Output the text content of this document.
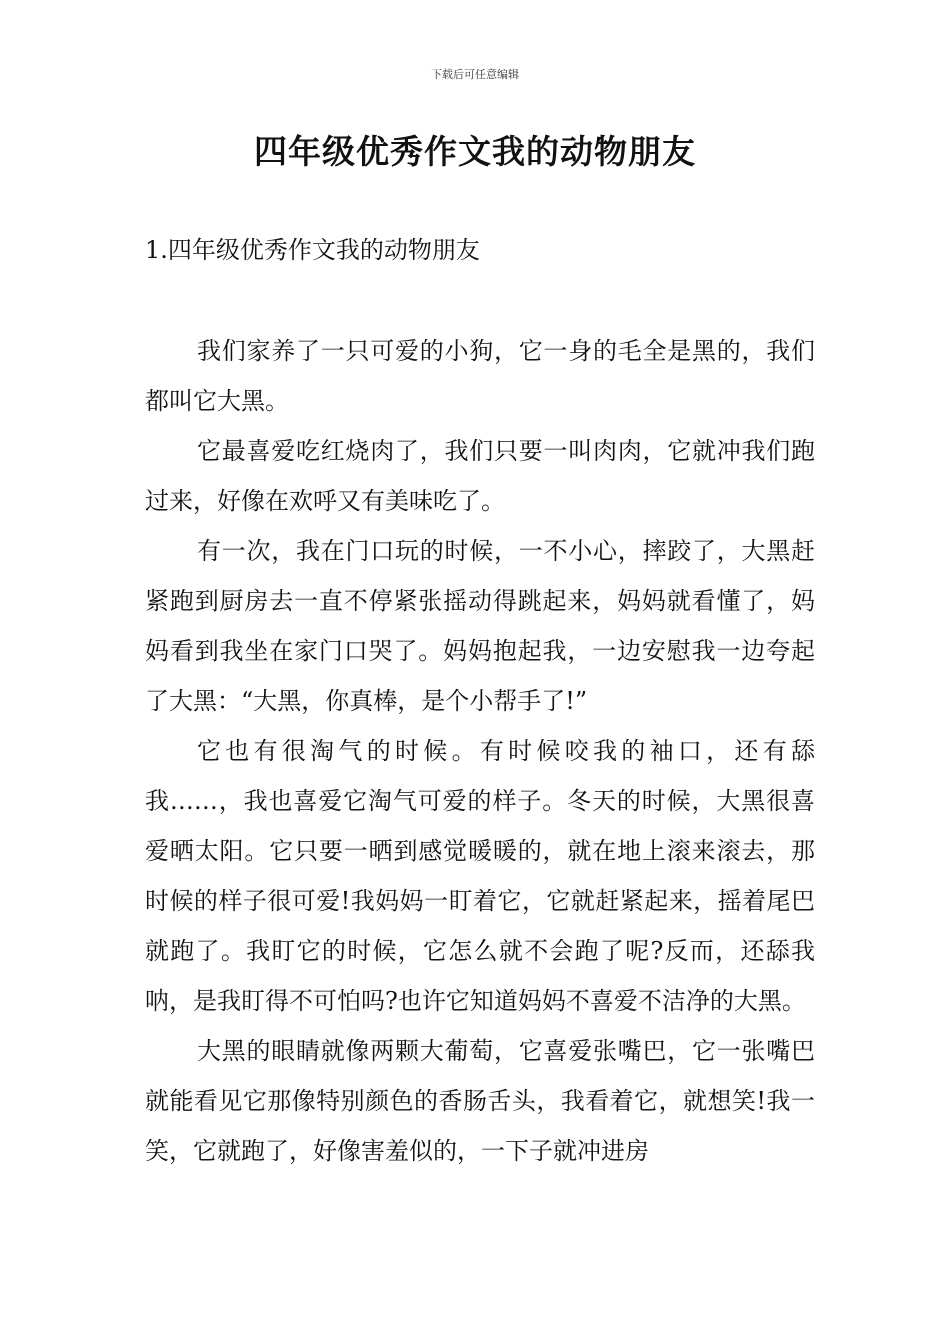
下载后可任意编辑
四年级优秀作文我的动物朋友
1.四年级优秀作文我的动物朋友

我们家养了一只可爱的小狗，它一身的毛全是黑的，我们都叫它大黑。

它最喜爱吃红烧肉了，我们只要一叫肉肉，它就冲我们跑过来，好像在欢呼又有美味吃了。

有一次，我在门口玩的时候，一不小心，摔跤了，大黑赶紧跑到厨房去一直不停紧张摇动得跳起来，妈妈就看懂了，妈妈看到我坐在家门口哭了。妈妈抱起我，一边安慰我一边夸起了大黑：“大黑，你真棒，是个小帮手了!”

它也有很淘气的时候。有时候咬我的袖口，还有舔我……，我也喜爱它淘气可爱的样子。冬天的时候，大黑很喜爱晒太阳。它只要一晒到感觉暖暖的，就在地上滚来滚去，那时候的样子很可爱!我妈妈一盯着它，它就赶紧起来，摇着尾巴就跑了。我盯它的时候，它怎么就不会跑了呢?反而，还舔我呐，是我盯得不可怕吗?也许它知道妈妈不喜爱不洁净的大黑。

大黑的眼睛就像两颗大葡萄，它喜爱张嘴巴，它一张嘴巴就能看见它那像特别颜色的香肠舌头，我看着它，就想笑!我一笑，它就跑了，好像害羞似的，一下子就冲进房
